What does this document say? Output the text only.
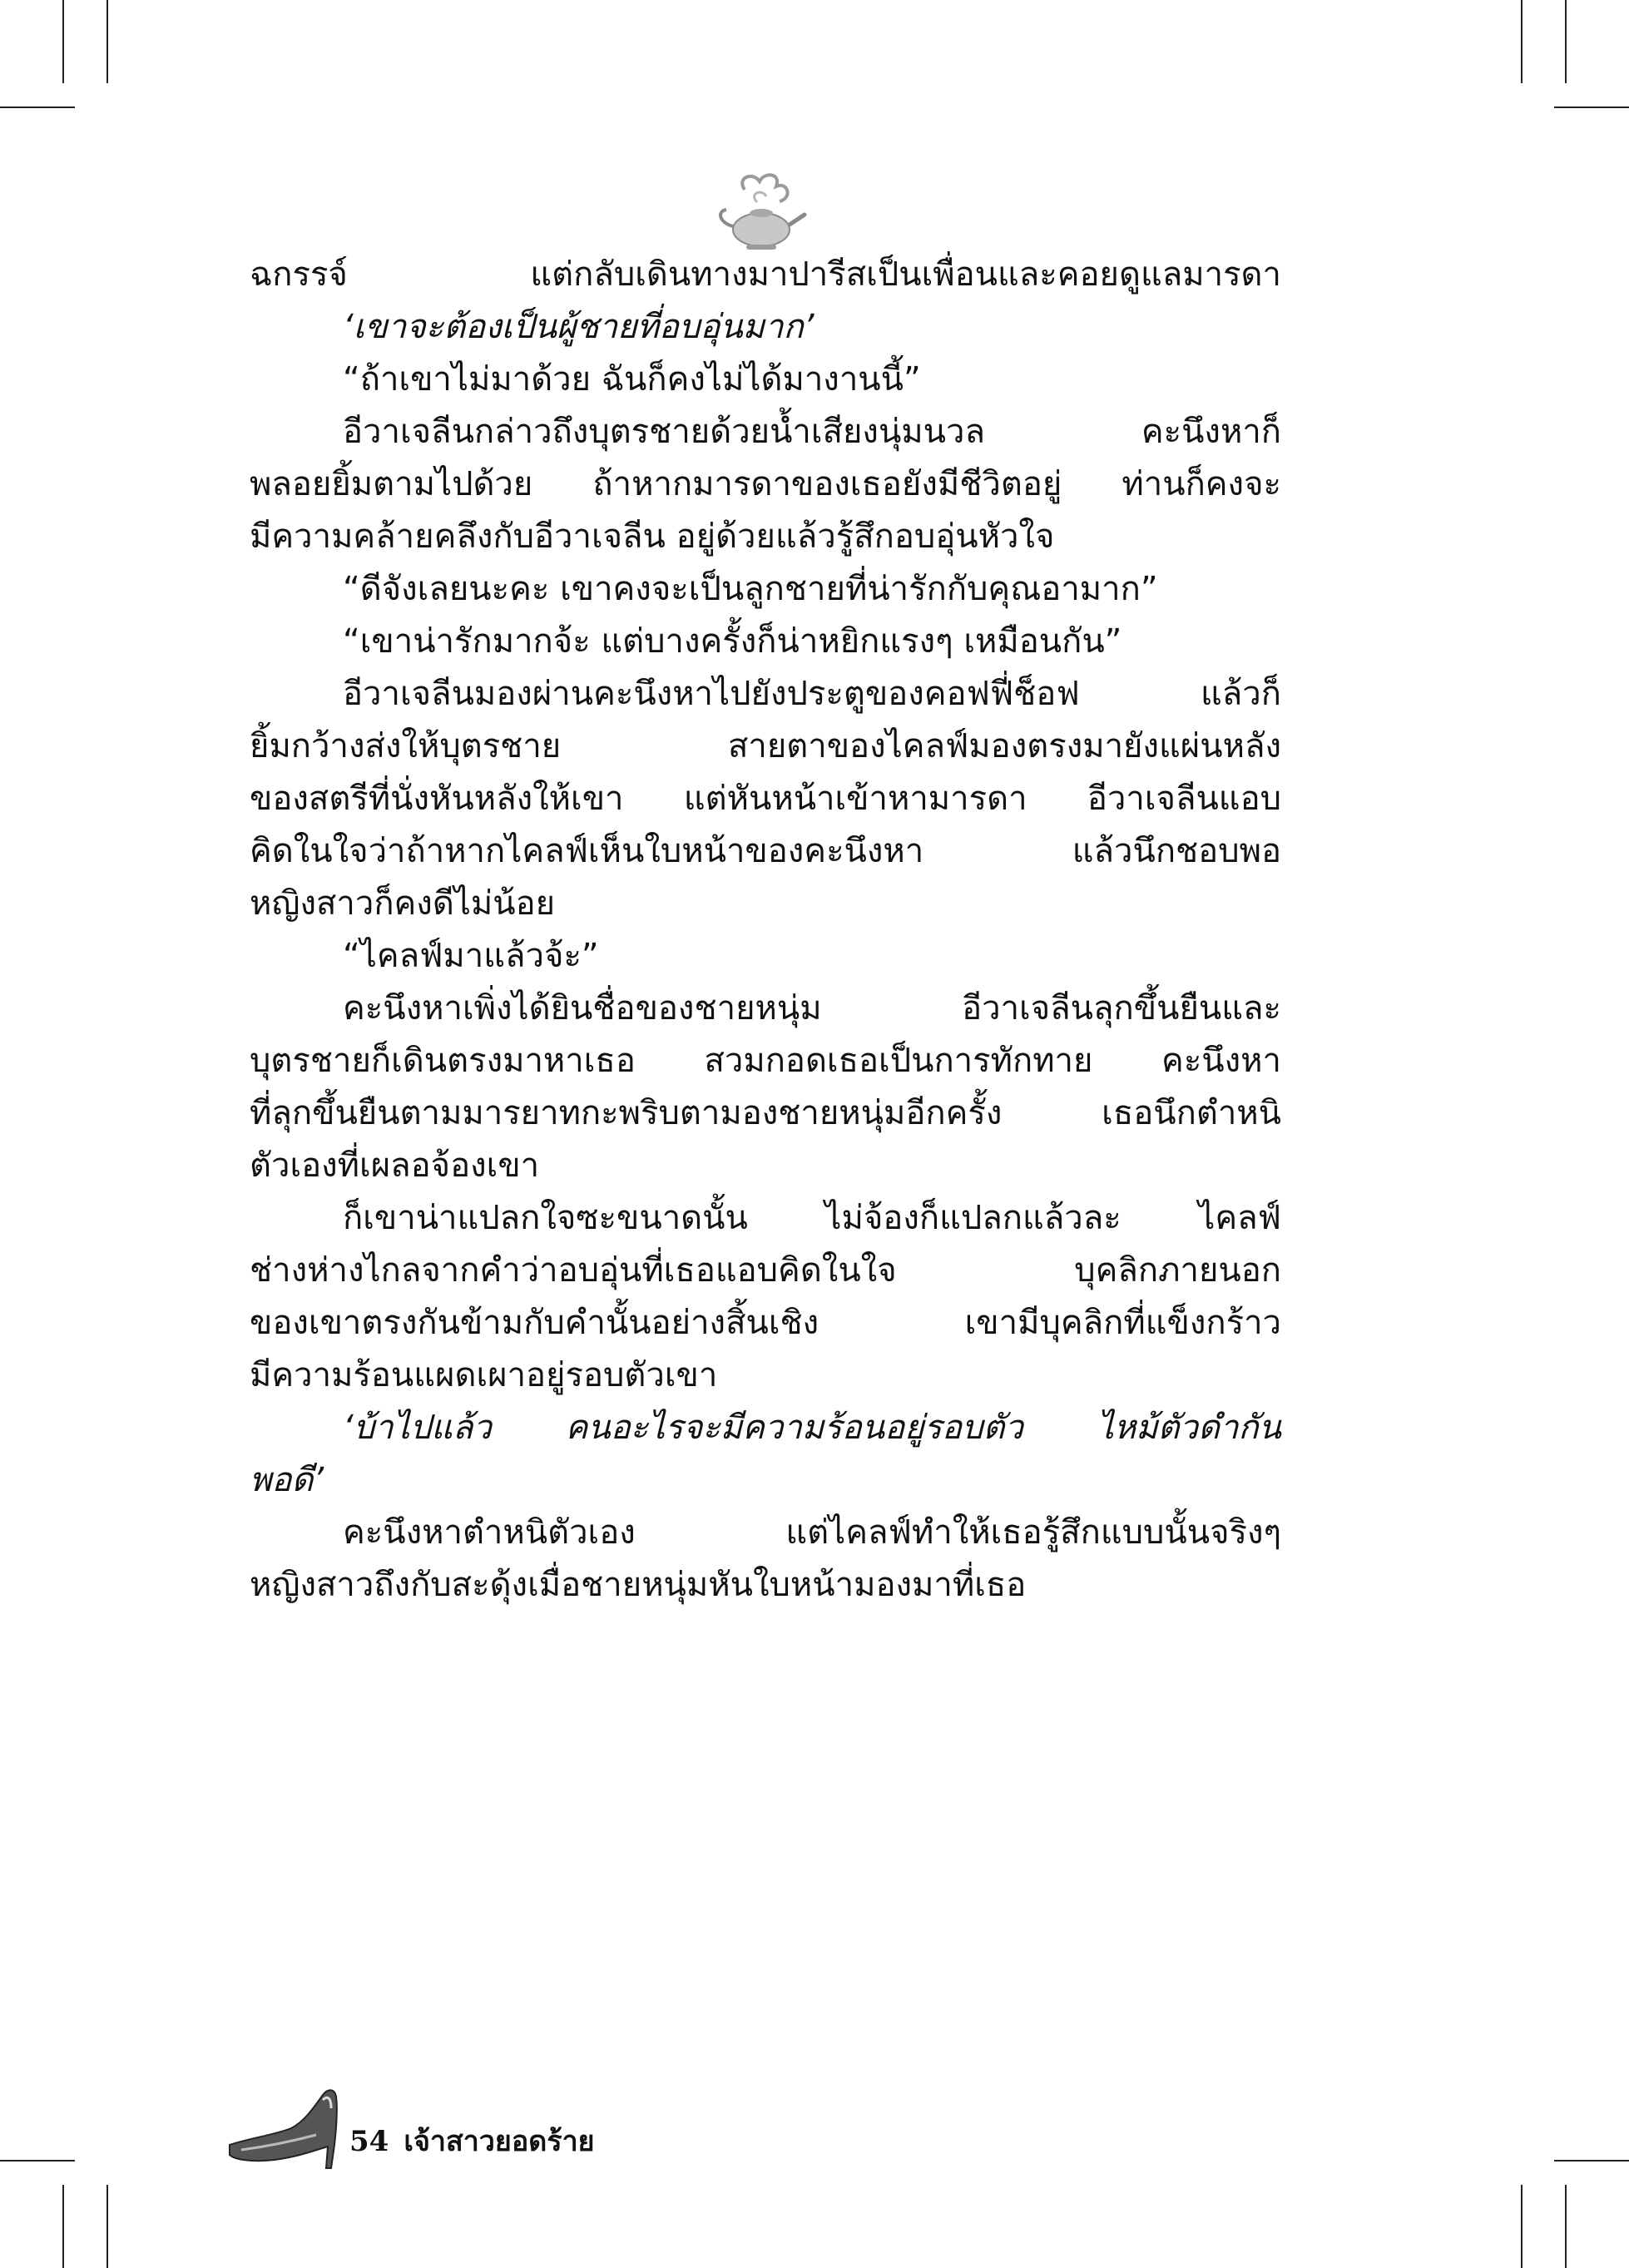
ฉกรรจ์ แต่กลับเดินทางมาปารีสเป็นเพื่อนและคอยดูแลมารดา
‘เขาจะต้องเป็นผู้ชายที่อบอุ่นมาก’
“ถ้าเขาไม่มาด้วย ฉันก็คงไม่ได้มางานนี้”
อีวาเจลีนกล่าวถึงบุตรชายด้วยน้ำเสียงนุ่มนวล คะนึงหาก็
พลอยยิ้มตามไปด้วย ถ้าหากมารดาของเธอยังมีชีวิตอยู่ ท่านก็คงจะ
มีความคล้ายคลึงกับอีวาเจลีน อยู่ด้วยแล้วรู้สึกอบอุ่นหัวใจ
“ดีจังเลยนะคะ เขาคงจะเป็นลูกชายที่น่ารักกับคุณอามาก”
“เขาน่ารักมากจ้ะ แต่บางครั้งก็น่าหยิกแรงๆ เหมือนกัน”
อีวาเจลีนมองผ่านคะนึงหาไปยังประตูของคอฟฟี่ช็อฟ แล้วก็
ยิ้มกว้างส่งให้บุตรชาย สายตาของไคลฟ์มองตรงมายังแผ่นหลัง
ของสตรีที่นั่งหันหลังให้เขา แต่หันหน้าเข้าหามารดา อีวาเจลีนแอบ
คิดในใจว่าถ้าหากไคลฟ์เห็นใบหน้าของคะนึงหา แล้วนึกชอบพอ
หญิงสาวก็คงดีไม่น้อย
“ไคลฟ์มาแล้วจ้ะ”
คะนึงหาเพิ่งได้ยินชื่อของชายหนุ่ม อีวาเจลีนลุกขึ้นยืนและ
บุตรชายก็เดินตรงมาหาเธอ สวมกอดเธอเป็นการทักทาย คะนึงหา
ที่ลุกขึ้นยืนตามมารยาทกะพริบตามองชายหนุ่มอีกครั้ง เธอนึกตำหนิ
ตัวเองที่เผลอจ้องเขา
ก็เขาน่าแปลกใจซะขนาดนั้น ไม่จ้องก็แปลกแล้วละ ไคลฟ์
ช่างห่างไกลจากคำว่าอบอุ่นที่เธอแอบคิดในใจ บุคลิกภายนอก
ของเขาตรงกันข้ามกับคำนั้นอย่างสิ้นเชิง เขามีบุคลิกที่แข็งกร้าว
มีความร้อนแผดเผาอยู่รอบตัวเขา
‘บ้าไปแล้ว คนอะไรจะมีความร้อนอยู่รอบตัว ไหม้ตัวดำกัน
พอดี’
คะนึงหาตำหนิตัวเอง แต่ไคลฟ์ทำให้เธอรู้สึกแบบนั้นจริงๆ
หญิงสาวถึงกับสะดุ้งเมื่อชายหนุ่มหันใบหน้ามองมาที่เธอ
54 เจ้าสาวยอดร้าย
